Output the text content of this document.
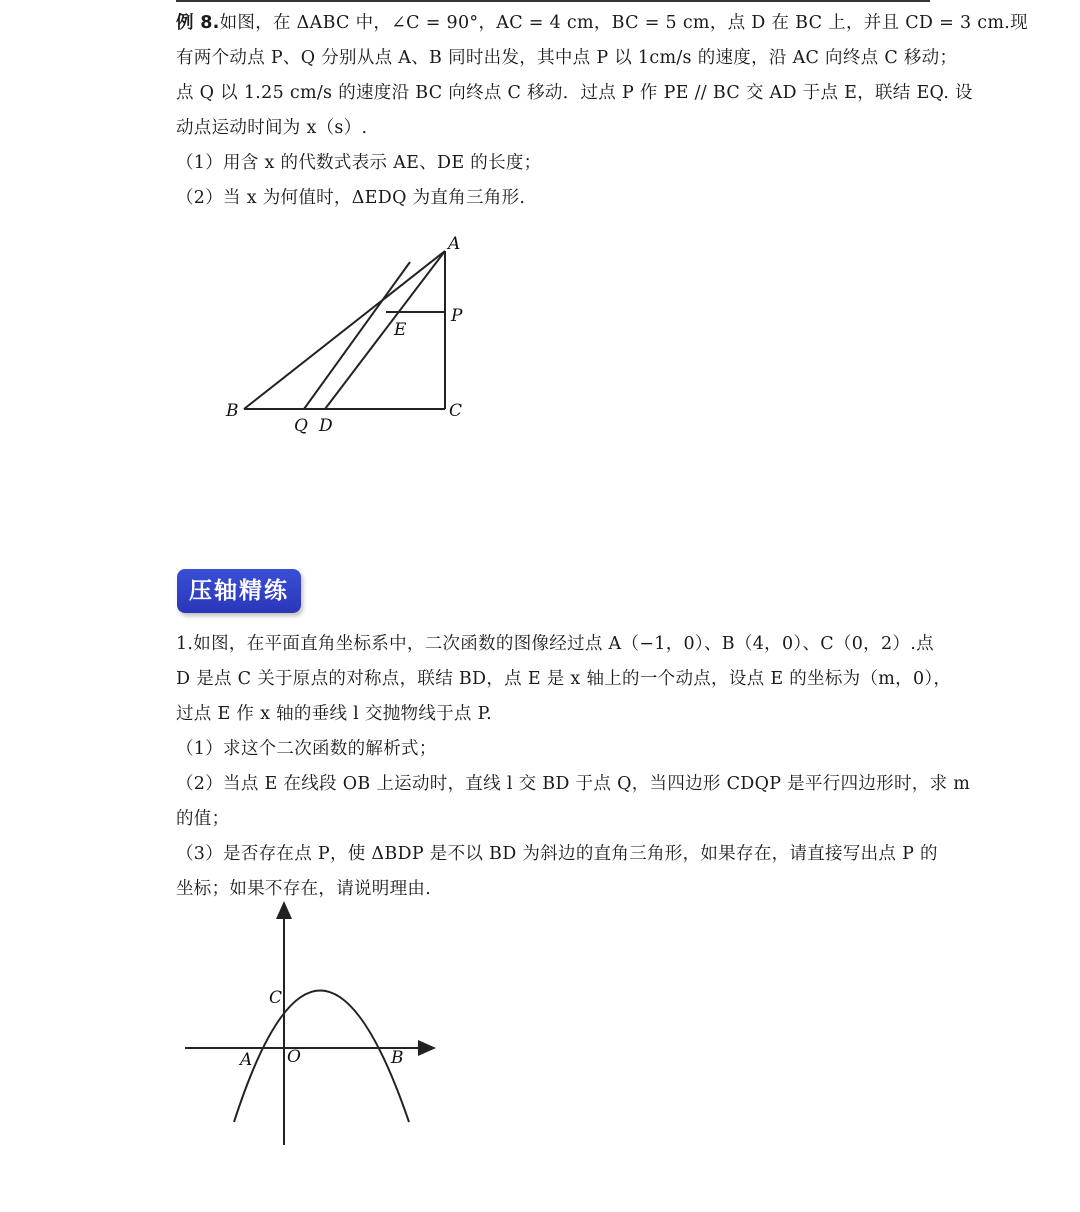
例 8.如图，在 ΔABC 中，∠C = 90°，AC = 4 cm，BC = 5 cm，点 D 在 BC 上，并且 CD = 3 cm.现
有两个动点 P、Q 分别从点 A、B 同时出发，其中点 P 以 1cm/s 的速度，沿 AC 向终点 C 移动；
点 Q 以 1.25 cm/s 的速度沿 BC 向终点 C 移动．过点 P 作 PE // BC 交 AD 于点 E，联结 EQ. 设
动点运动时间为 x（s）.
（1）用含 x 的代数式表示 AE、DE 的长度；
（2）当 x 为何值时，ΔEDQ 为直角三角形.
A
P
E
B
Q D
C
压轴精练
1.如图，在平面直角坐标系中，二次函数的图像经过点 A（−1，0）、B（4，0）、C（0，2）.点
D 是点 C 关于原点的对称点，联结 BD，点 E 是 x 轴上的一个动点，设点 E 的坐标为（m，0），
过点 E 作 x 轴的垂线 l 交抛物线于点 P.
（1）求这个二次函数的解析式；
（2）当点 E 在线段 OB 上运动时，直线 l 交 BD 于点 Q，当四边形 CDQP 是平行四边形时，求 m
的值；
（3）是否存在点 P，使 ΔBDP 是不以 BD 为斜边的直角三角形，如果存在，请直接写出点 P 的
坐标；如果不存在，请说明理由.
C
A O	B
